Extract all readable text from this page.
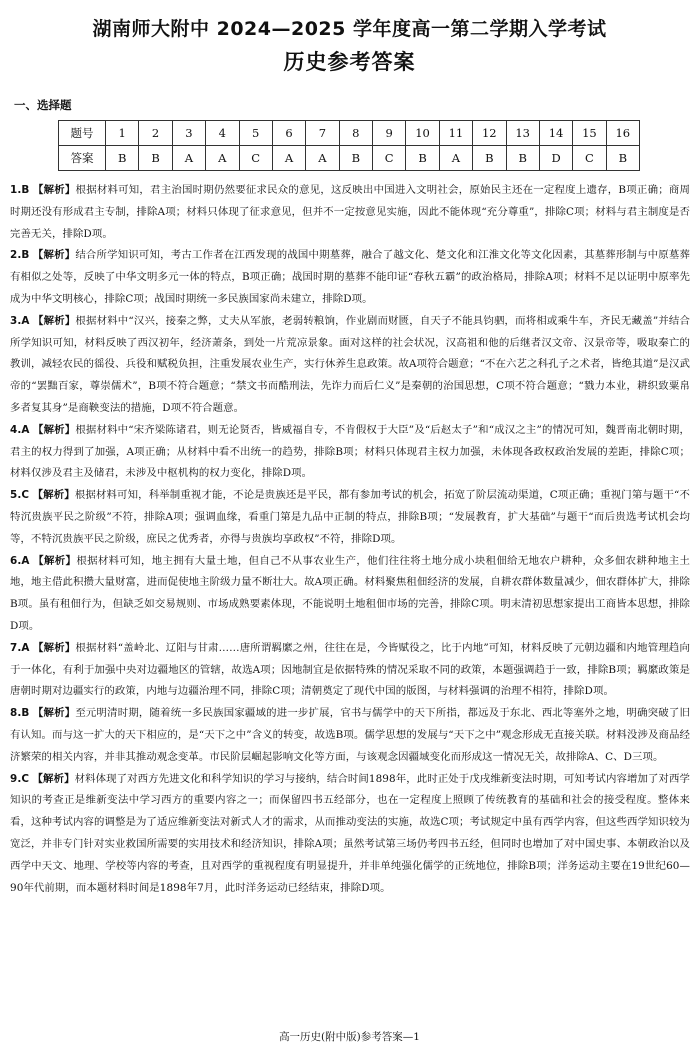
湖南师大附中 2024—2025 学年度高一第二学期入学考试
历史参考答案
一、选择题
题号	1	2	3	4	5	6	7	8	9	10	11	12	13	14	15	16
答案	B	B	A	A	C	A	A	B	C	B	A	B	B	D	C	B

1.B 【解析】根据材料可知，君主治国时期仍然要征求民众的意见，这反映出中国进入文明社会，原始民主还在一定程度上遗存，B项正确；商周时期还没有形成君主专制，排除A项；材料只体现了征求意见，但并不一定按意见实施，因此不能体现“充分尊重”，排除C项；材料与君主制度是否完善无关，排除D项。

2.B 【解析】结合所学知识可知，考古工作者在江西发现的战国中期墓葬，融合了越文化、楚文化和江淮文化等文化因素，其墓葬形制与中原墓葬有相似之处等，反映了中华文明多元一体的特点，B项正确；战国时期的墓葬不能印证“春秋五霸”的政治格局，排除A项；材料不足以证明中原率先成为中华文明核心，排除C项；战国时期统一多民族国家尚未建立，排除D项。

3.A 【解析】根据材料中“汉兴，接秦之弊，丈夫从军旅，老弱转粮饷，作业剧而财匮，自天子不能具钧驷，而将相或乘牛车，齐民无藏盖”并结合所学知识可知，材料反映了西汉初年，经济萧条，到处一片荒凉景象。面对这样的社会状况，汉高祖和他的后继者汉文帝、汉景帝等，吸取秦亡的教训，减轻农民的徭役、兵役和赋税负担，注重发展农业生产，实行休养生息政策。故A项符合题意；“不在六艺之科孔子之术者，皆绝其道”是汉武帝的“罢黜百家，尊崇儒术”，B项不符合题意；“禁文书而酷刑法，先诈力而后仁义”是秦朝的治国思想，C项不符合题意；“戮力本业，耕织致粟帛多者复其身”是商鞅变法的措施，D项不符合题意。

4.A 【解析】根据材料中“宋齐梁陈诸君，则无论贤否，皆威福自专，不肯假权于大臣”及“后赵太子”和“成汉之主”的情况可知，魏晋南北朝时期，君主的权力得到了加强，A项正确；从材料中看不出统一的趋势，排除B项；材料只体现君主权力加强，未体现各政权政治发展的差距，排除C项；材料仅涉及君主及储君，未涉及中枢机构的权力变化，排除D项。

5.C 【解析】根据材料可知，科举制重视才能，不论是贵族还是平民，都有参加考试的机会，拓宽了阶层流动渠道，C项正确；重视门第与题干“不特沉贵族平民之阶级”不符，排除A项；强调血缘，看重门第是九品中正制的特点，排除B项；“发展教育，扩大基础”与题干“而后贵选考试机会均等，不特沉贵族平民之阶级，庶民之优秀者，亦得与贵族均享政权”不符，排除D项。

6.A 【解析】根据材料可知，地主拥有大量土地，但自己不从事农业生产，他们往往将土地分成小块租佃给无地农户耕种，众多佃农耕种地主土地，地主借此积攒大量财富，进而促使地主阶级力量不断壮大。故A项正确。材料聚焦租佃经济的发展，自耕农群体数量减少，佃农群体扩大，排除B项。虽有租佃行为，但缺乏如交易规则、市场成熟要素体现，不能说明土地租佃市场的完善，排除C项。明末清初思想家提出工商皆本思想，排除D项。

7.A 【解析】根据材料“盖岭北、辽阳与甘肃……唐所谓羁縻之州，往往在是，今皆赋役之，比于内地”可知，材料反映了元朝边疆和内地管理趋向于一体化，有利于加强中央对边疆地区的管辖，故选A项；因地制宜是依据特殊的情况采取不同的政策，本题强调趋于一致，排除B项；羁縻政策是唐朝时期对边疆实行的政策，内地与边疆治理不同，排除C项；清朝奠定了现代中国的版图，与材料强调的治理不相符，排除D项。

8.B 【解析】至元明清时期，随着统一多民族国家疆域的进一步扩展，官书与儒学中的天下所指，都远及于东北、西北等塞外之地，明确突破了旧有认知。而与这一扩大的天下相应的，是“天下之中”含义的转变，故选B项。儒学思想的发展与“天下之中”观念形成无直接关联。材料没涉及商品经济繁荣的相关内容，并非其推动观念变革。市民阶层崛起影响文化等方面，与该观念因疆域变化而形成这一情况无关，故排除A、C、D三项。

9.C 【解析】材料体现了对西方先进文化和科学知识的学习与接纳，结合时间1898年，此时正处于戊戌维新变法时期，可知考试内容增加了对西学知识的考查正是维新变法中学习西方的重要内容之一；而保留四书五经部分，也在一定程度上照顾了传统教育的基础和社会的接受程度。整体来看，这种考试内容的调整是为了适应维新变法对新式人才的需求，从而推动变法的实施，故选C项；考试规定中虽有西学内容，但这些西学知识较为宽泛，并非专门针对实业救国所需要的实用技术和经济知识，排除A项；虽然考试第三场仍考四书五经，但同时也增加了对中国史事、本朝政治以及西学中天文、地理、学校等内容的考查，且对西学的重视程度有明显提升，并非单纯强化儒学的正统地位，排除B项；洋务运动主要在19世纪60—90年代前期，而本题材料时间是1898年7月，此时洋务运动已经结束，排除D项。

高一历史(附中版)参考答案—1
